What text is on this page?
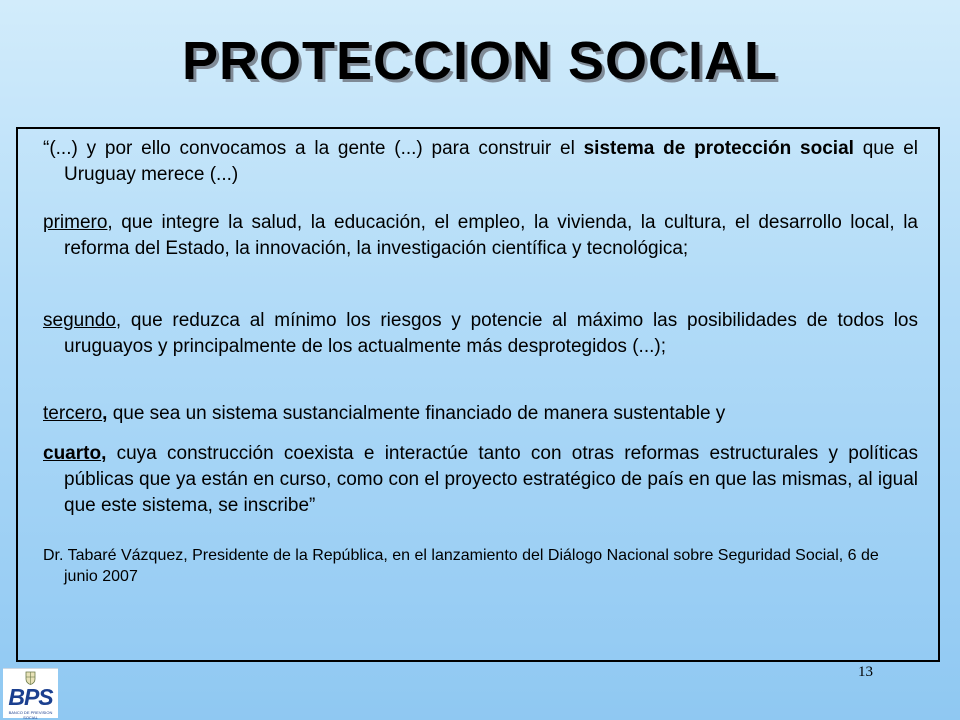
PROTECCION SOCIAL
“(...) y por ello convocamos a la gente (...) para construir el sistema de protección social que el Uruguay merece (...)
primero, que integre la salud, la educación, el empleo, la vivienda, la cultura, el desarrollo local, la reforma del Estado, la innovación, la investigación científica y tecnológica;
segundo, que reduzca al mínimo los riesgos y potencie al máximo las posibilidades de todos los uruguayos y principalmente de los actualmente más desprotegidos (...);
tercero, que sea un sistema sustancialmente financiado de manera sustentable y
cuarto, cuya construcción coexista e interactúe tanto con otras reformas estructurales y políticas públicas que ya están en curso, como con el proyecto estratégico de país en que las mismas, al igual que este sistema, se inscribe”
Dr. Tabaré Vázquez, Presidente de la República, en el lanzamiento del Diálogo Nacional sobre Seguridad Social, 6 de junio 2007
13
BPS
BANCO DE PREVISION SOCIAL
